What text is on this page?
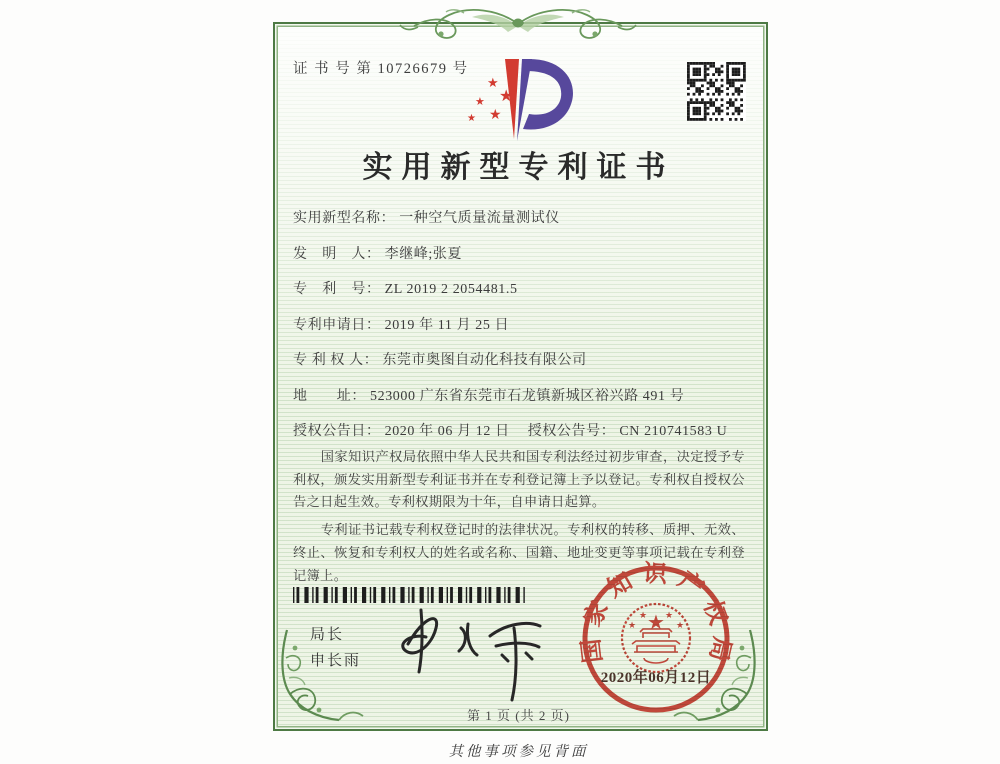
证 书 号 第 10726679 号
★
★
★
★
★
实用新型专利证书
实用新型名称： 一种空气质量流量测试仪
发　明　人： 李继峰;张夏
专　利　号： ZL 2019 2 2054481.5
专利申请日： 2019 年 11 月 25 日
专 利 权 人： 东莞市奥图自动化科技有限公司
地　　址： 523000 广东省东莞市石龙镇新城区裕兴路 491 号
授权公告日： 2020 年 06 月 12 日 授权公告号： CN 210741583 U

国家知识产权局依照中华人民共和国专利法经过初步审查，决定授予专利权，颁发实用新型专利证书并在专利登记簿上予以登记。专利权自授权公告之日起生效。专利权期限为十年，自申请日起算。

专利证书记载专利权登记时的法律状况。专利权的转移、质押、无效、终止、恢复和专利权人的姓名或名称、国籍、地址变更等事项记载在专利登记簿上。

局长
申长雨	国家知识产权局
★
★
★ ★
★
2020年06月12日
第 1 页 (共 2 页)
其他事项参见背面
